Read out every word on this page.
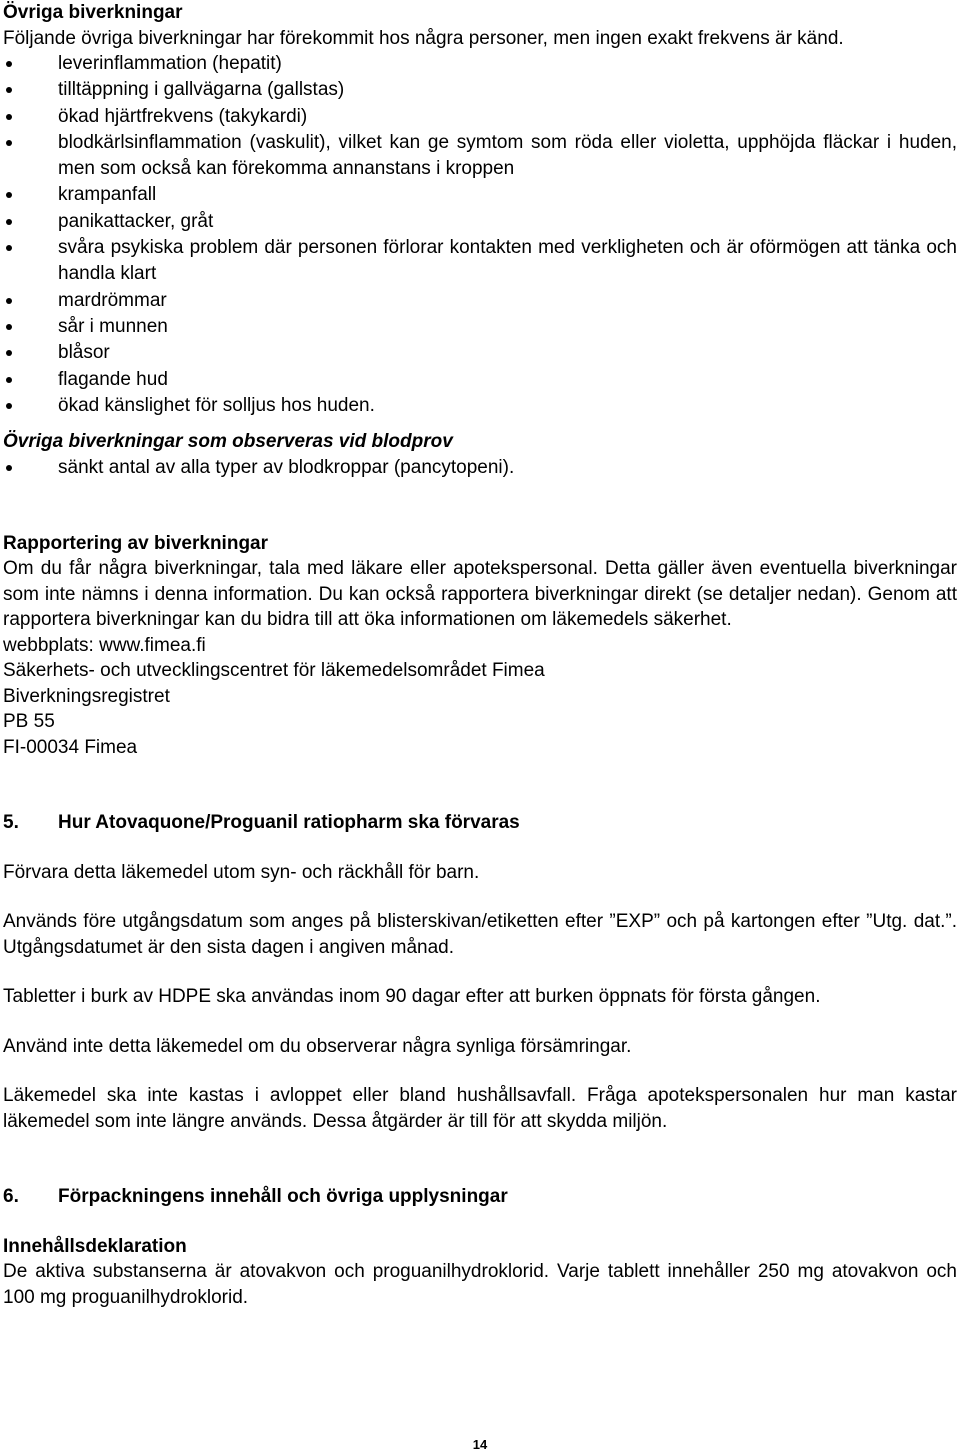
Övriga biverkningar
Följande övriga biverkningar har förekommit hos några personer, men ingen exakt frekvens är känd.
leverinflammation (hepatit)
tilltäppning i gallvägarna (gallstas)
ökad hjärtfrekvens (takykardi)
blodkärlsinflammation (vaskulit), vilket kan ge symtom som röda eller violetta, upphöjda fläckar i huden, men som också kan förekomma annanstans i kroppen
krampanfall
panikattacker, gråt
svåra psykiska problem där personen förlorar kontakten med verkligheten och är oförmögen att tänka och handla klart
mardrömmar
sår i munnen
blåsor
flagande hud
ökad känslighet för solljus hos huden.
Övriga biverkningar som observeras vid blodprov
sänkt antal av alla typer av blodkroppar (pancytopeni).
Rapportering av biverkningar
Om du får några biverkningar, tala med läkare eller apotekspersonal. Detta gäller även eventuella biverkningar som inte nämns i denna information. Du kan också rapportera biverkningar direkt (se detaljer nedan). Genom att rapportera biverkningar kan du bidra till att öka informationen om läkemedels säkerhet.
webbplats: www.fimea.fi
Säkerhets- och utvecklingscentret för läkemedelsområdet Fimea
Biverkningsregistret
PB 55
FI-00034 Fimea
5. Hur Atovaquone/Proguanil ratiopharm ska förvaras
Förvara detta läkemedel utom syn- och räckhåll för barn.
Används före utgångsdatum som anges på blisterskivan/etiketten efter ”EXP” och på kartongen efter ”Utg. dat.”. Utgångsdatumet är den sista dagen i angiven månad.
Tabletter i burk av HDPE ska användas inom 90 dagar efter att burken öppnats för första gången.
Använd inte detta läkemedel om du observerar några synliga försämringar.
Läkemedel ska inte kastas i avloppet eller bland hushållsavfall. Fråga apotekspersonalen hur man kastar läkemedel som inte längre används. Dessa åtgärder är till för att skydda miljön.
6. Förpackningens innehåll och övriga upplysningar
Innehållsdeklaration
De aktiva substanserna är atovakvon och proguanilhydroklorid. Varje tablett innehåller 250 mg atovakvon och 100 mg proguanilhydroklorid.
14
